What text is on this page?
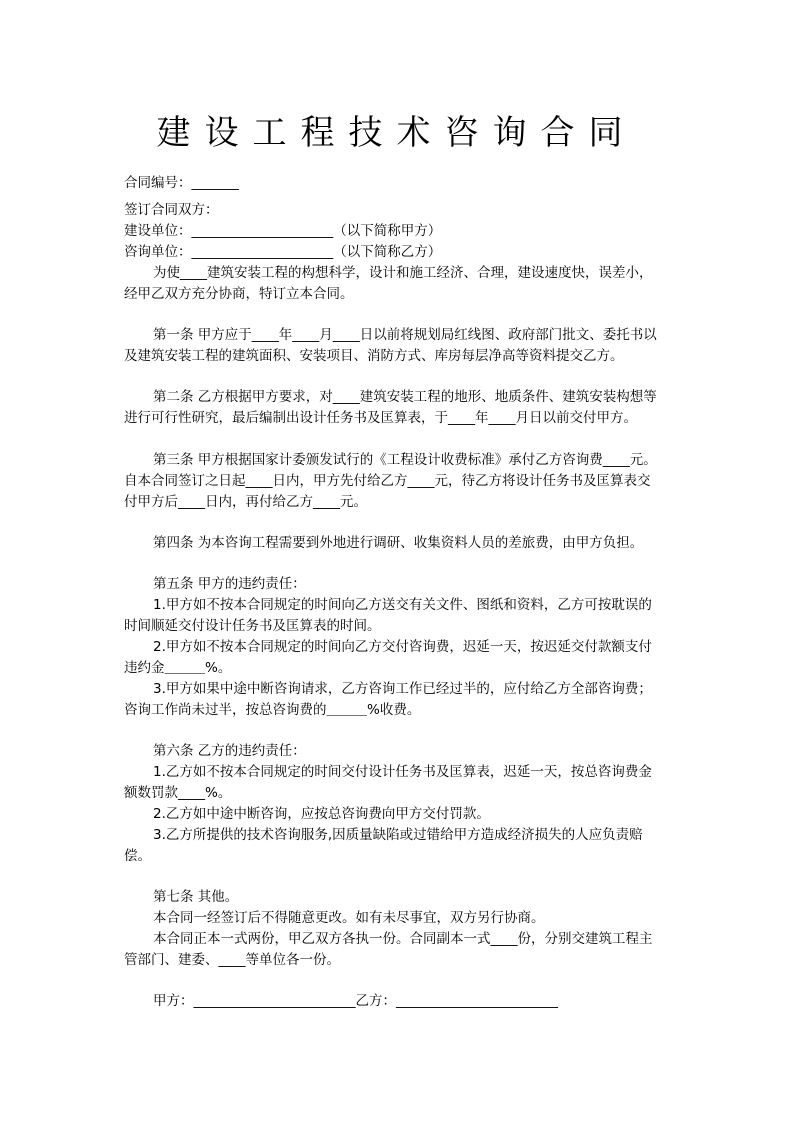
建设工程技术咨询合同
合同编号：_______
签订合同双方：
建设单位：_____________________（以下简称甲方）
咨询单位：_____________________（以下简称乙方）
为使____建筑安装工程的构想科学，设计和施工经济、合理，建设速度快，误差小，
经甲乙双方充分协商，特订立本合同。
第一条 甲方应于____年____月____日以前将规划局红线图、政府部门批文、委托书以
及建筑安装工程的建筑面积、安装项目、消防方式、库房每层净高等资料提交乙方。
第二条 乙方根据甲方要求，对____建筑安装工程的地形、地质条件、建筑安装构想等
进行可行性研究，最后编制出设计任务书及匡算表，于____年____月日以前交付甲方。
第三条 甲方根据国家计委颁发试行的《工程设计收费标准》承付乙方咨询费____元。
自本合同签订之日起____日内，甲方先付给乙方____元，待乙方将设计任务书及匡算表交
付甲方后____日内，再付给乙方____元。
第四条 为本咨询工程需要到外地进行调研、收集资料人员的差旅费，由甲方负担。
第五条 甲方的违约责任：
1.甲方如不按本合同规定的时间向乙方送交有关文件、图纸和资料，乙方可按耽误的
时间顺延交付设计任务书及匡算表的时间。
2.甲方如不按本合同规定的时间向乙方交付咨询费，迟延一天，按迟延交付款额支付
违约金＿＿＿%。
3.甲方如果中途中断咨询请求，乙方咨询工作已经过半的，应付给乙方全部咨询费；
咨询工作尚未过半，按总咨询费的＿＿＿%收费。
第六条 乙方的违约责任：
1.乙方如不按本合同规定的时间交付设计任务书及匡算表，迟延一天，按总咨询费金
额数罚款____%。
2.乙方如中途中断咨询，应按总咨询费向甲方交付罚款。
3.乙方所提供的技术咨询服务,因质量缺陷或过错给甲方造成经济损失的人应负责赔
偿。
第七条 其他。
本合同一经签订后不得随意更改。如有未尽事宜，双方另行协商。
本合同正本一式两份，甲乙双方各执一份。合同副本一式____份，分别交建筑工程主
管部门、建委、____等单位各一份。
甲方：________________________乙方：________________________
